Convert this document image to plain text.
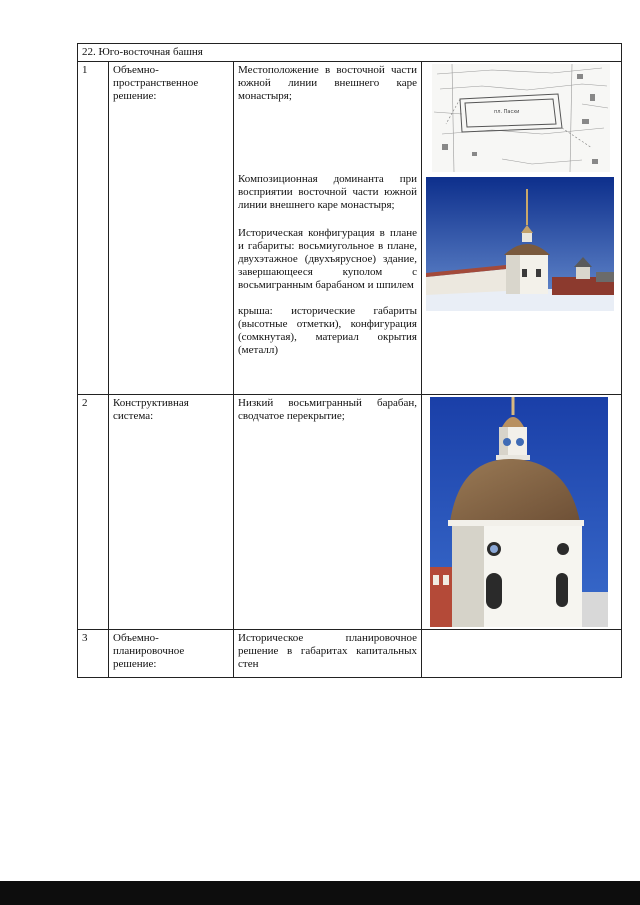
22. Юго-восточная башня			
1	Объемно-пространственное решение:	Местоположение в восточной части южной линии внешнего каре монастыря;

Композиционная доминанта при восприятии восточной части южной линии внешнего каре монастыря;

Историческая конфигурация в плане и габариты: восьмиугольное в плане, двухэтажное (двухъярусное) здание, завершающееся куполом с восьмигранным барабаном и шпилем

крыша: исторические габариты (высотные отметки), конфигурация (сомкнутая), материал окрытия (металл)	пл. Пасхи

2	Конструктивная система:	Низкий восьмигранный барабан, сводчатое перекрытие;

3	Объемно-планировочное решение:	Историческое планировочное решение в габаритах капитальных стен	
